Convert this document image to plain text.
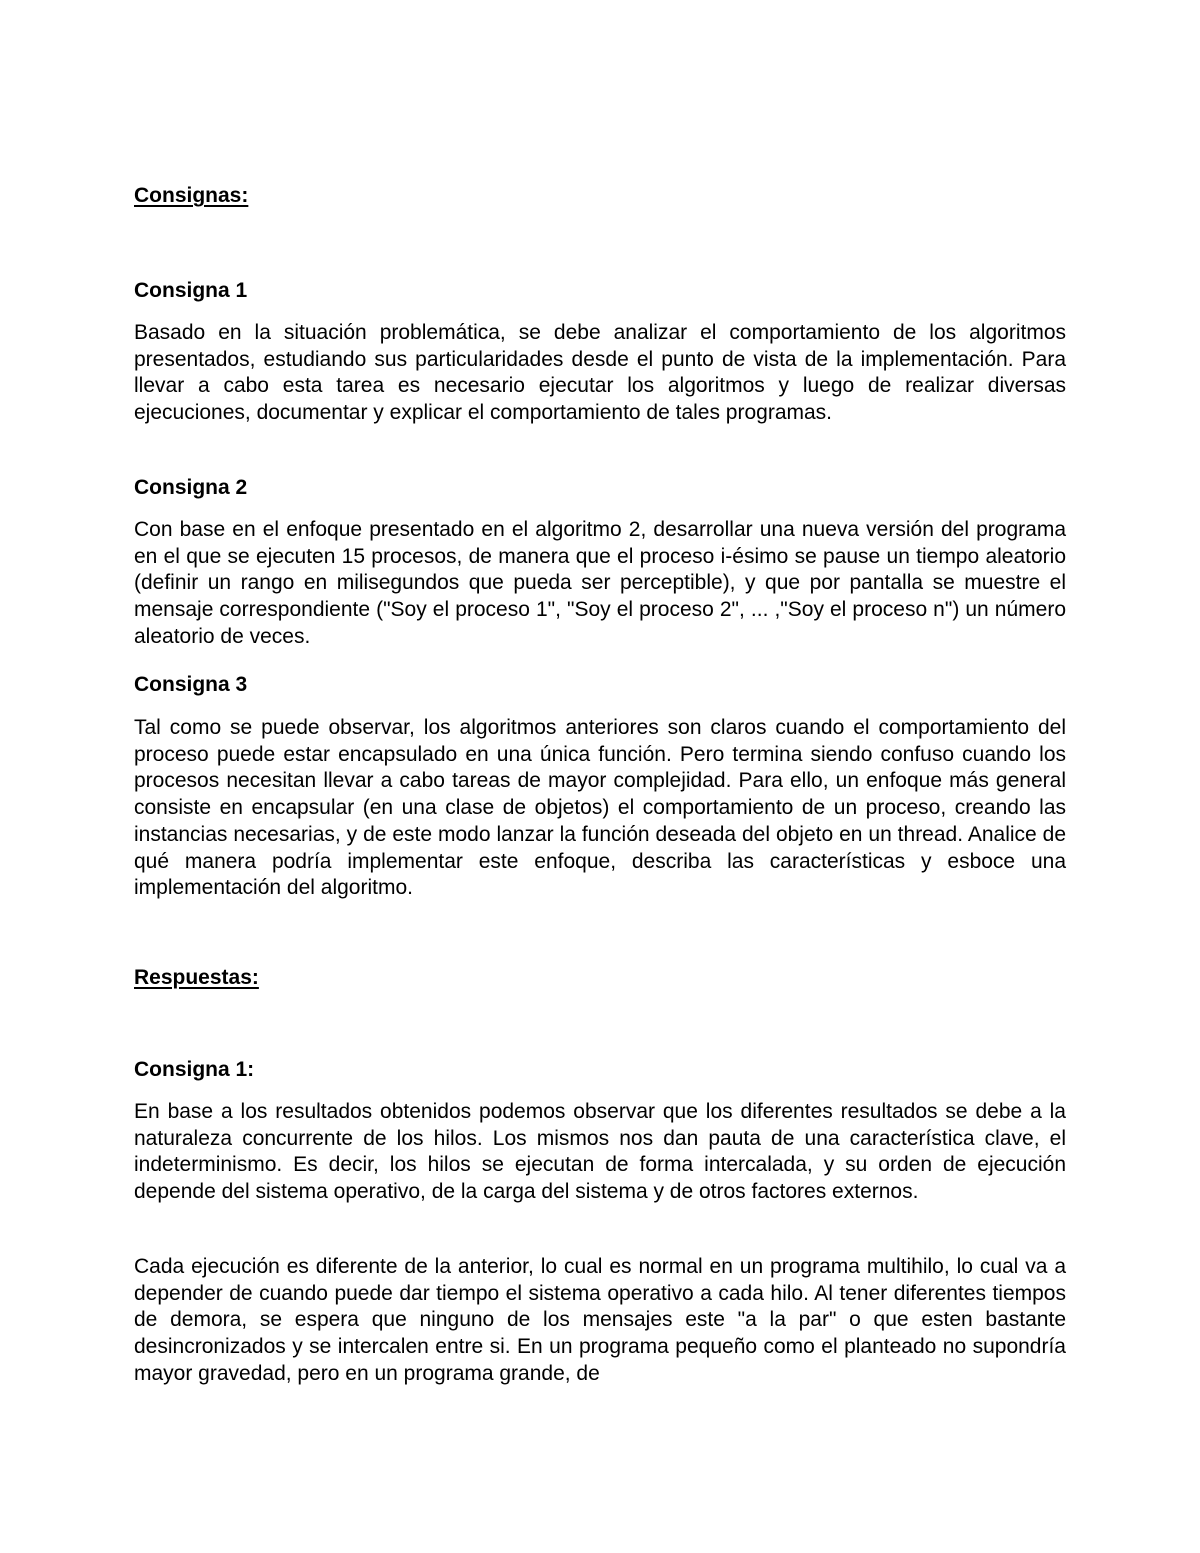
Consignas:
Consigna 1

Basado en la situación problemática, se debe analizar el comportamiento de los algoritmos presentados, estudiando sus particularidades desde el punto de vista de la implementación. Para llevar a cabo esta tarea es necesario ejecutar los algoritmos y luego de realizar diversas ejecuciones, documentar y explicar el comportamiento de tales programas.

Consigna 2

Con base en el enfoque presentado en el algoritmo 2, desarrollar una nueva versión del programa en el que se ejecuten 15 procesos, de manera que el proceso i-ésimo se pause un tiempo aleatorio (definir un rango en milisegundos que pueda ser perceptible), y que por pantalla se muestre el mensaje correspondiente ("Soy el proceso 1", "Soy el proceso 2", ... ,"Soy el proceso n") un número aleatorio de veces.

Consigna 3

Tal como se puede observar, los algoritmos anteriores son claros cuando el comportamiento del proceso puede estar encapsulado en una única función. Pero termina siendo confuso cuando los procesos necesitan llevar a cabo tareas de mayor complejidad. Para ello, un enfoque más general consiste en encapsular (en una clase de objetos) el comportamiento de un proceso, creando las instancias necesarias, y de este modo lanzar la función deseada del objeto en un thread. Analice de qué manera podría implementar este enfoque, describa las características y esboce una implementación del algoritmo.

Respuestas:
Consigna 1:

En base a los resultados obtenidos podemos observar que los diferentes resultados se debe a la naturaleza concurrente de los hilos. Los mismos nos dan pauta de una característica clave, el indeterminismo. Es decir, los hilos se ejecutan de forma intercalada, y su orden de ejecución depende del sistema operativo, de la carga del sistema y de otros factores externos.

Cada ejecución es diferente de la anterior, lo cual es normal en un programa multihilo, lo cual va a depender de cuando puede dar tiempo el sistema operativo a cada hilo. Al tener diferentes tiempos de demora, se espera que ninguno de los mensajes este "a la par" o que esten bastante desincronizados y se intercalen entre si. En un programa pequeño como el planteado no supondría mayor gravedad, pero en un programa grande, de
